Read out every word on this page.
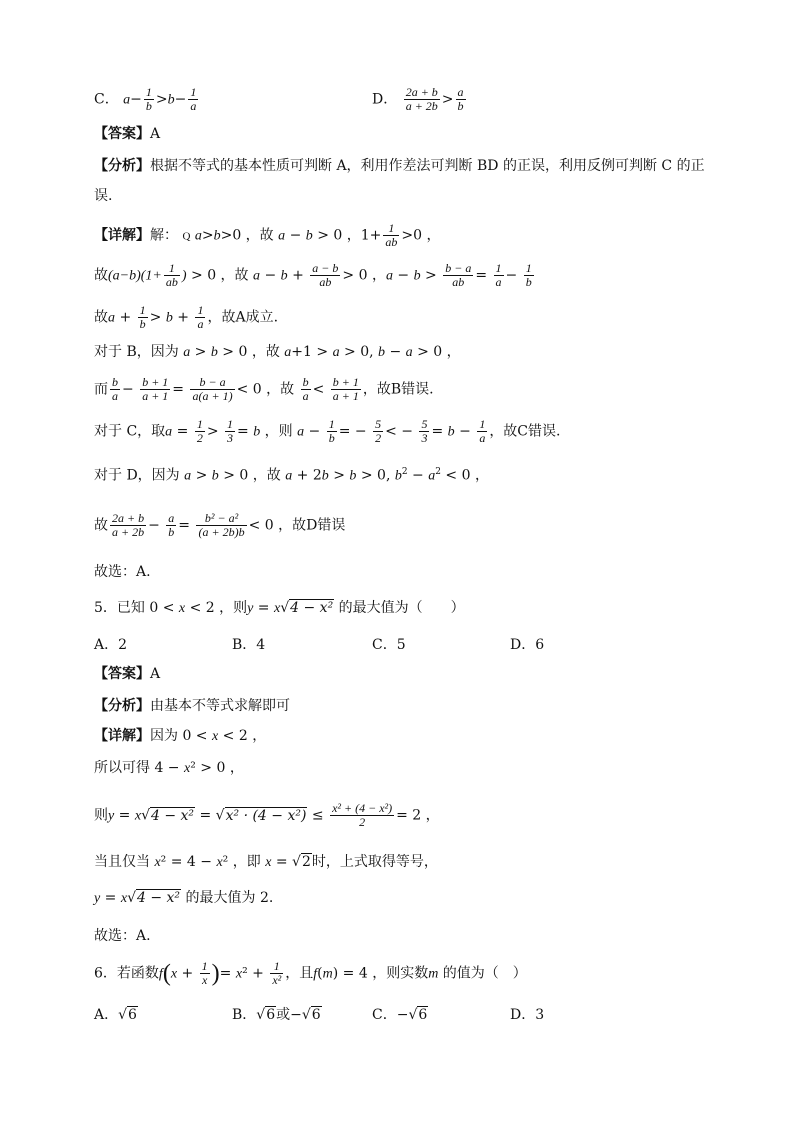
C． $a- \frac{1}{b} >b- \frac{1}{a}$	D． $\frac{2a + b}{a + 2b} > \frac{a}{b}$
【答案】A
【分析】根据不等式的基本性质可判断 A，利用作差法可判断 BD 的正误，利用反例可判断 C 的正
误.
【详解】解： Q a>b>0 ，故 a − b > 0 ，$1+ \frac{1}{ab} >0$ ，
故$(a-b)(1+ \frac{1}{ab}$ ) > 0 ，故 $a - b + \frac{a - b}{ab} > 0$ ，$a - b > \frac{b - a}{ab} = \frac{1}{a} - \frac{1}{b}$
故$a + \frac{1}{b} > b + \frac{1}{a}$ ，故A成立.
对于 B，因为 a > b > 0 ，故 a+1 > a > 0, b − a > 0 ，
而 $\frac{b}{a} - \frac{b + 1}{a + 1} = \frac{b - a}{a(a + 1)} < 0$ ，故 $\frac{b}{a} < \frac{b + 1}{a + 1}$ ，故B错误.
对于 C，取$a = \frac{1}{2} > \frac{1}{3} = b$ ，则 $a - \frac{1}{b}$ = − $\frac{5}{2}$ < − $\frac{5}{3} = b - \frac{1}{a}$ ，故C错误.
对于 D，因为 a > b > 0 ，故 a + 2b > b > 0, $b^2 - a^2 < 0$ ，
故 $\frac{2a + b}{a + 2b} - \frac{a}{b} = \frac{\text{b² − a²}}{(a + 2b)b} < 0$ ，故D错误
故选：A.
5．已知 0 < x < 2 ，则y = x√4 − x² 的最大值为（　　）
A．2	B．4	C．5	D．6
【答案】A
【分析】由基本不等式求解即可
【详解】因为 0 < x < 2 ，
所以可得 4 − x² > 0 ，
则$y = x√4 - x^2 = √x^2 \cdot (4 - x^2) \le \frac{\text{x² + (4 − x²)}}{2} = 2$ ，
当且仅当 x² = 4 − x² ，即 x = √2时，上式取得等号，
y = x√4 − x² 的最大值为 2.
故选：A.
6．若函数$f(x + \frac{1}{x}$ )= $x^2 + \frac{1}{\text{x²}}$ ，且f(m) = 4 ，则实数m 的值为（　）
A．√6	B．√6或−√6	C．−√6	D．3
